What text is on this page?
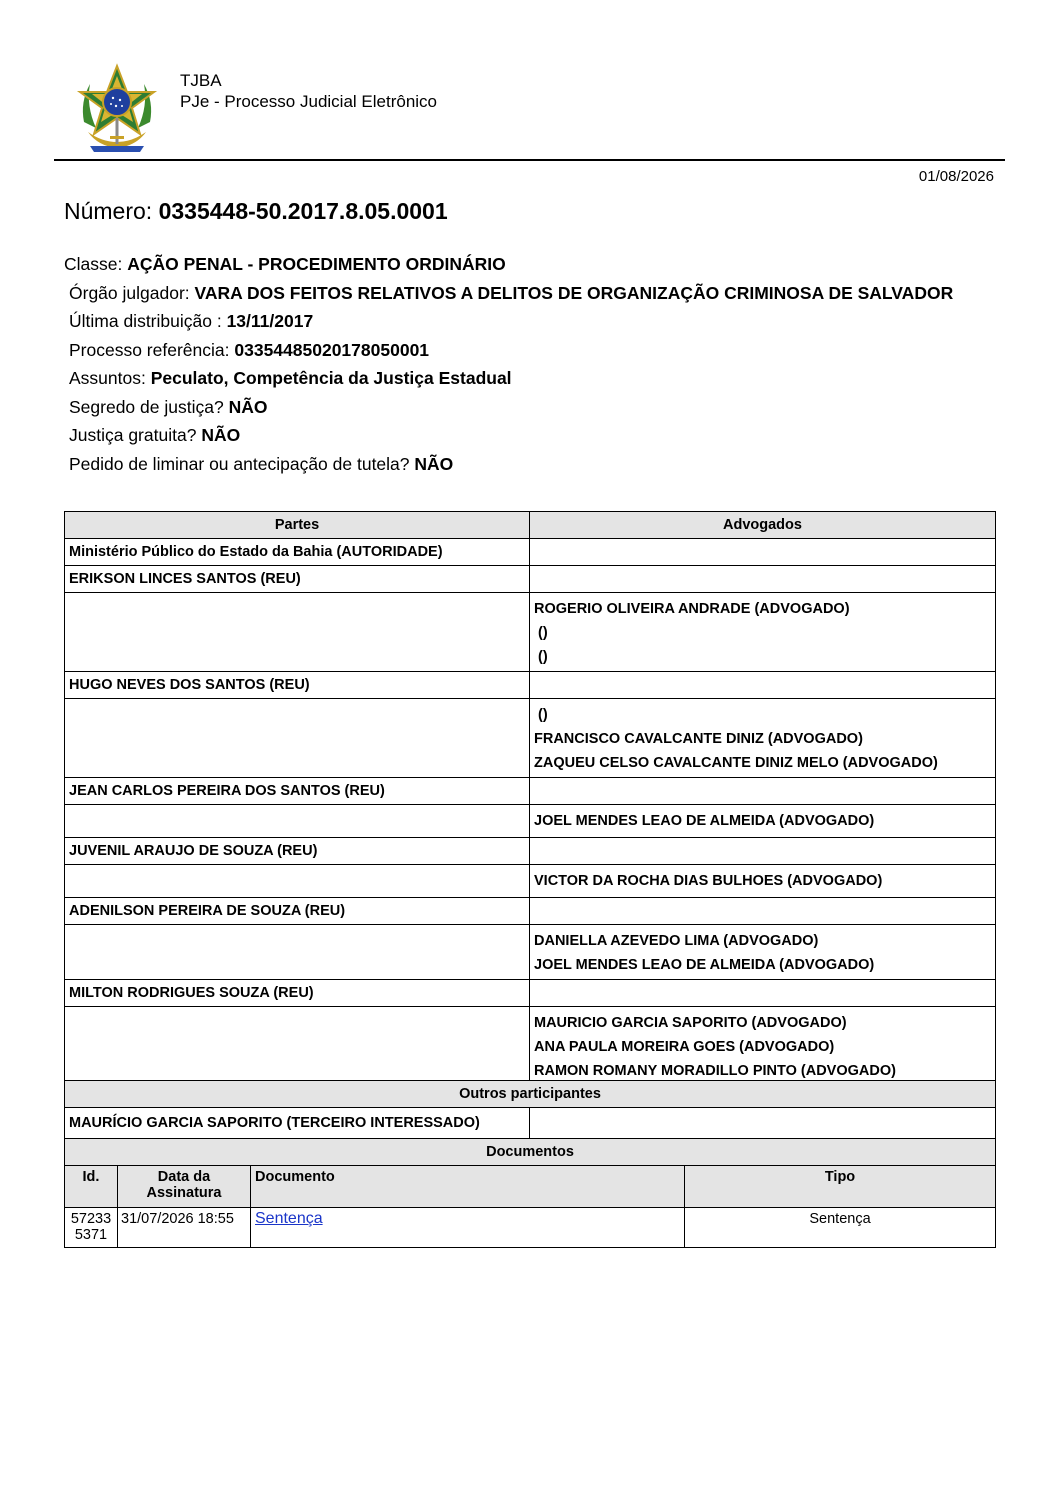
TJBA
PJe - Processo Judicial Eletrônico
01/08/2026
Número: 0335448-50.2017.8.05.0001
Classe: AÇÃO PENAL - PROCEDIMENTO ORDINÁRIO
Órgão julgador: VARA DOS FEITOS RELATIVOS A DELITOS DE ORGANIZAÇÃO CRIMINOSA DE SALVADOR
Última distribuição : 13/11/2017
Processo referência: 03354485020178050001
Assuntos: Peculato, Competência da Justiça Estadual
Segredo de justiça? NÃO
Justiça gratuita? NÃO
Pedido de liminar ou antecipação de tutela? NÃO
Partes	Advogados
Ministério Público do Estado da Bahia (AUTORIDADE)	
ERIKSON LINCES SANTOS (REU)	

	ROGERIO OLIVEIRA ANDRADE (ADVOGADO)
()
()

HUGO NEVES DOS SANTOS (REU)	

	()
FRANCISCO CAVALCANTE DINIZ (ADVOGADO)
ZAQUEU CELSO CAVALCANTE DINIZ MELO (ADVOGADO)

JEAN CARLOS PEREIRA DOS SANTOS (REU)	

	JOEL MENDES LEAO DE ALMEIDA (ADVOGADO)

JUVENIL ARAUJO DE SOUZA (REU)	

	VICTOR DA ROCHA DIAS BULHOES (ADVOGADO)

ADENILSON PEREIRA DE SOUZA (REU)	

	DANIELLA AZEVEDO LIMA (ADVOGADO)
JOEL MENDES LEAO DE ALMEIDA (ADVOGADO)

MILTON RODRIGUES SOUZA (REU)	

	MAURICIO GARCIA SAPORITO (ADVOGADO)
ANA PAULA MOREIRA GOES (ADVOGADO)
RAMON ROMANY MORADILLO PINTO (ADVOGADO)
Outros participantes
MAURÍCIO GARCIA SAPORITO (TERCEIRO INTERESSADO)	
Documentos			
Id.	Data da Assinatura	Documento	Tipo
572335371	31/07/2026 18:55	Sentença	Sentença
